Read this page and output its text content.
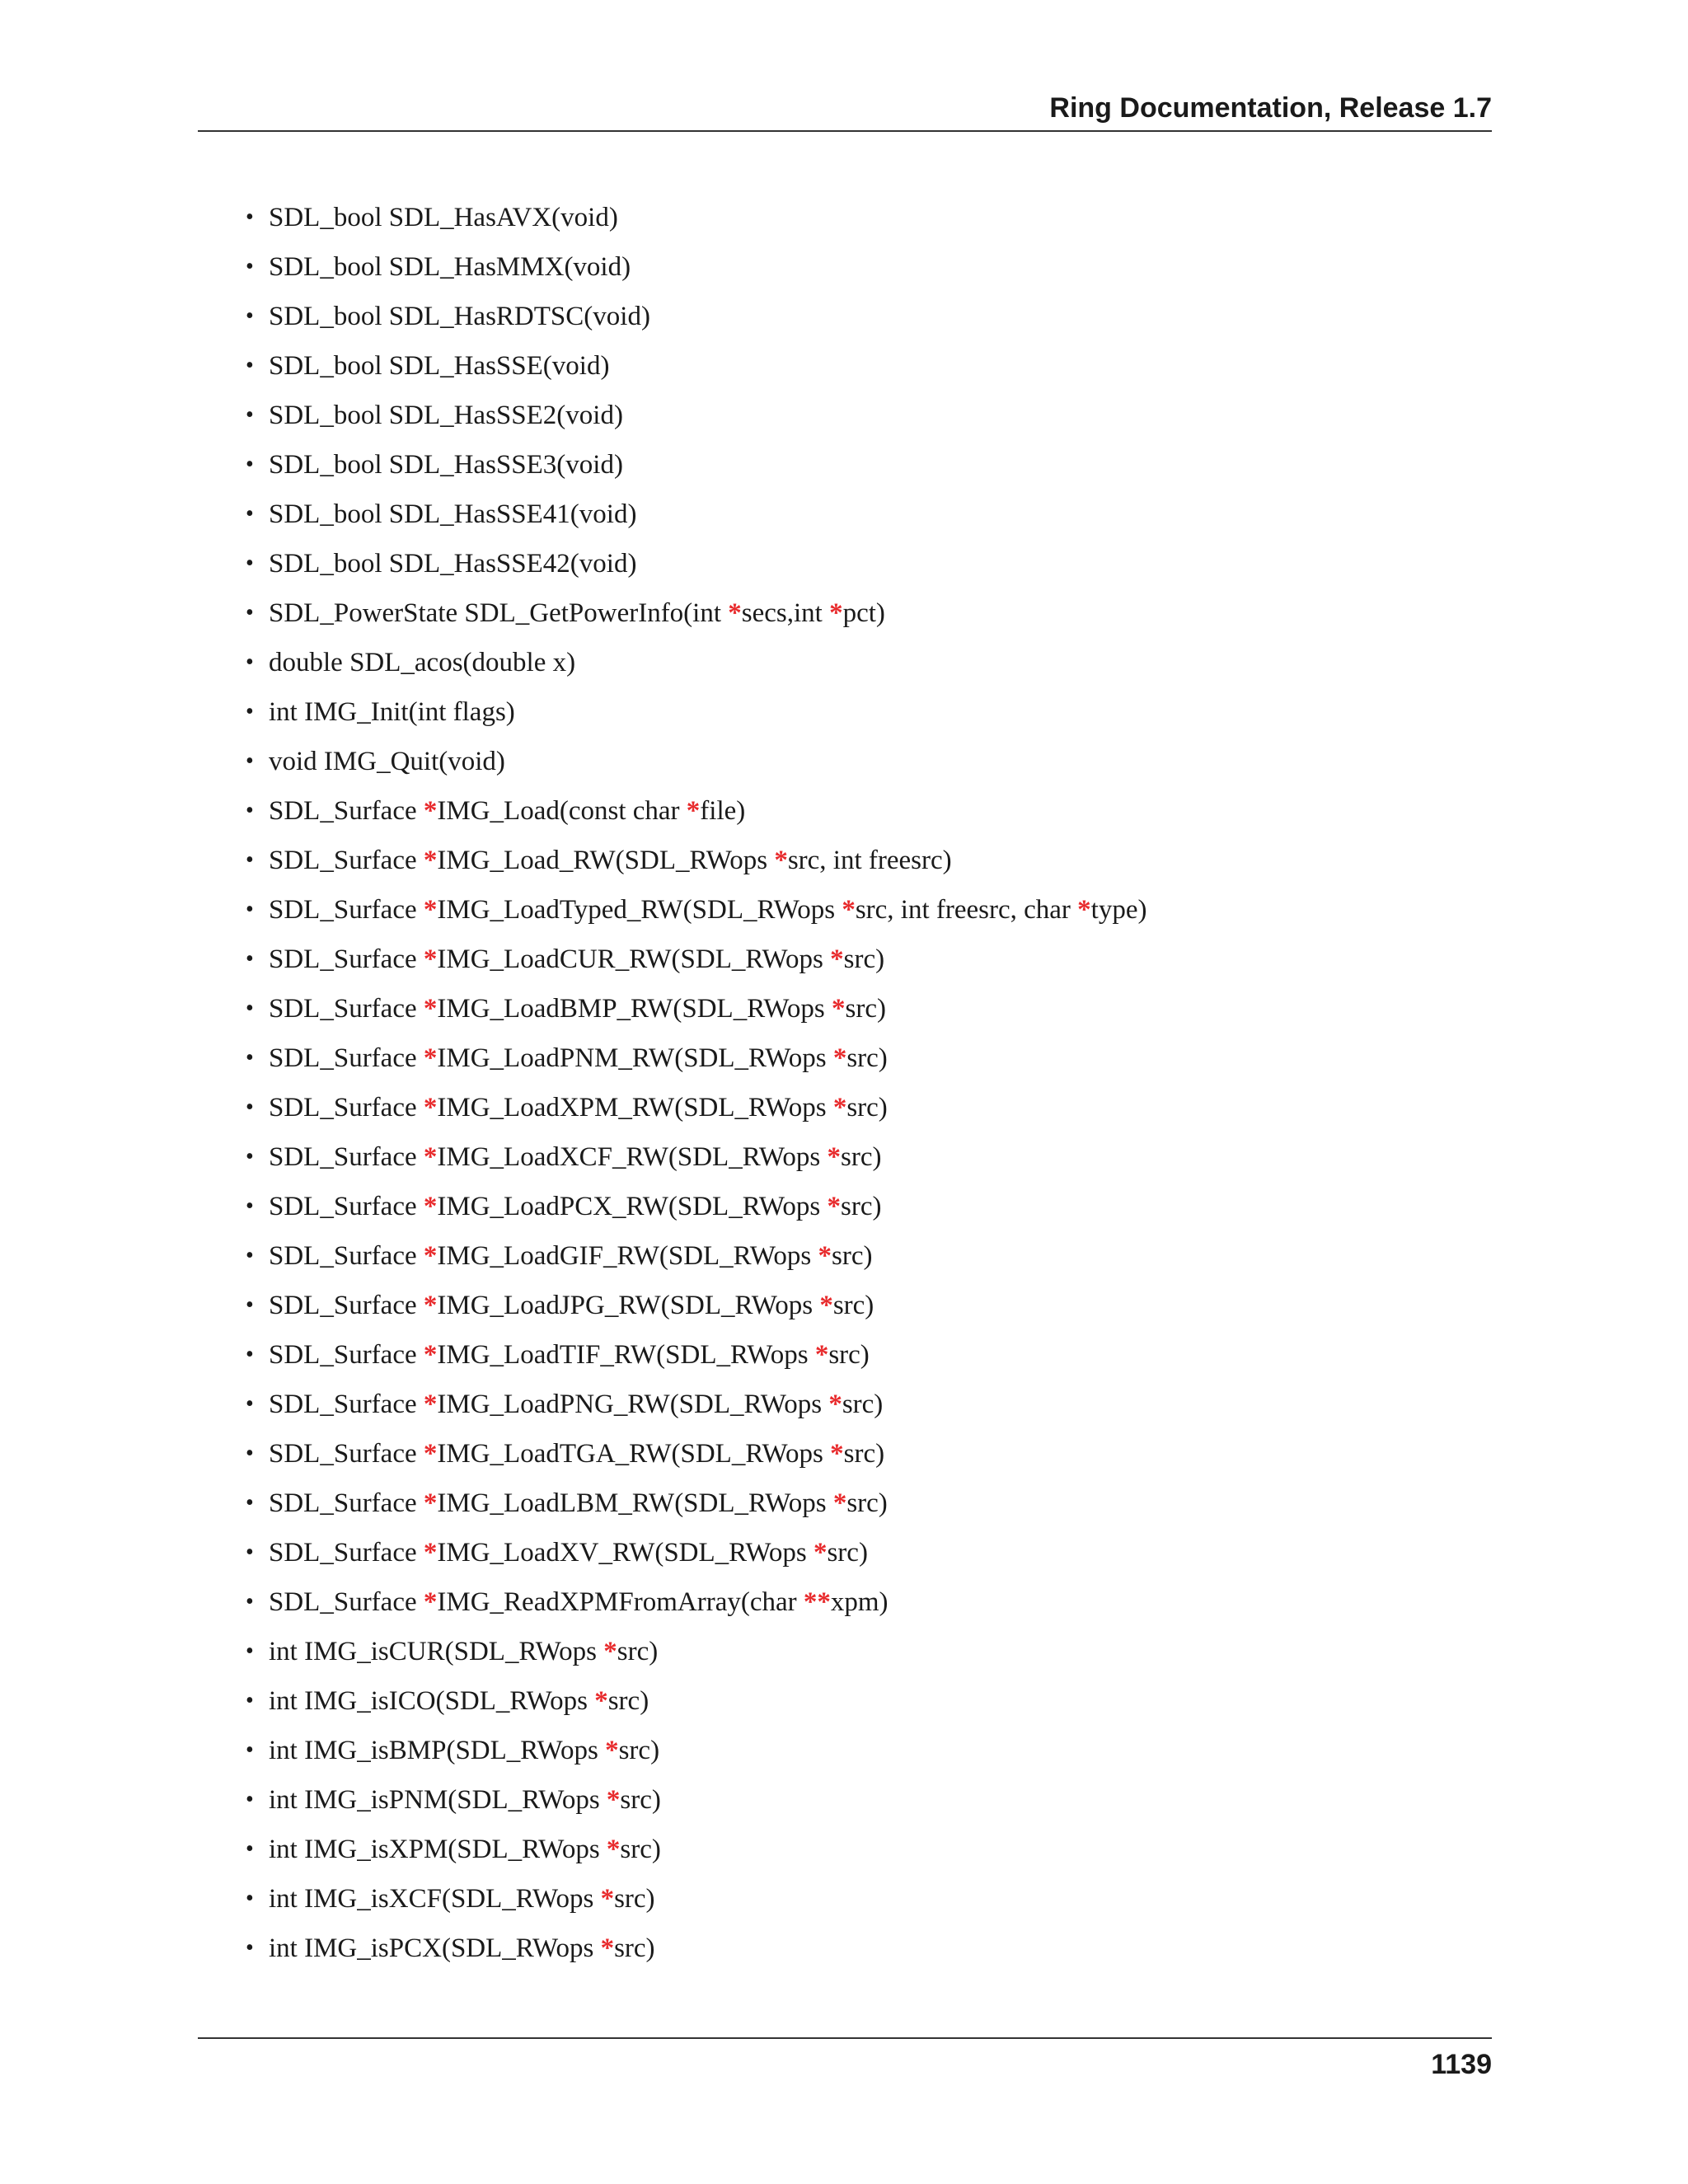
Ring Documentation, Release 1.7
• SDL_bool SDL_HasAVX(void)
• SDL_bool SDL_HasMMX(void)
• SDL_bool SDL_HasRDTSC(void)
• SDL_bool SDL_HasSSE(void)
• SDL_bool SDL_HasSSE2(void)
• SDL_bool SDL_HasSSE3(void)
• SDL_bool SDL_HasSSE41(void)
• SDL_bool SDL_HasSSE42(void)
• SDL_PowerState SDL_GetPowerInfo(int *secs,int *pct)
• double SDL_acos(double x)
• int IMG_Init(int flags)
• void IMG_Quit(void)
• SDL_Surface *IMG_Load(const char *file)
• SDL_Surface *IMG_Load_RW(SDL_RWops *src, int freesrc)
• SDL_Surface *IMG_LoadTyped_RW(SDL_RWops *src, int freesrc, char *type)
• SDL_Surface *IMG_LoadCUR_RW(SDL_RWops *src)
• SDL_Surface *IMG_LoadBMP_RW(SDL_RWops *src)
• SDL_Surface *IMG_LoadPNM_RW(SDL_RWops *src)
• SDL_Surface *IMG_LoadXPM_RW(SDL_RWops *src)
• SDL_Surface *IMG_LoadXCF_RW(SDL_RWops *src)
• SDL_Surface *IMG_LoadPCX_RW(SDL_RWops *src)
• SDL_Surface *IMG_LoadGIF_RW(SDL_RWops *src)
• SDL_Surface *IMG_LoadJPG_RW(SDL_RWops *src)
• SDL_Surface *IMG_LoadTIF_RW(SDL_RWops *src)
• SDL_Surface *IMG_LoadPNG_RW(SDL_RWops *src)
• SDL_Surface *IMG_LoadTGA_RW(SDL_RWops *src)
• SDL_Surface *IMG_LoadLBM_RW(SDL_RWops *src)
• SDL_Surface *IMG_LoadXV_RW(SDL_RWops *src)
• SDL_Surface *IMG_ReadXPMFromArray(char **xpm)
• int IMG_isCUR(SDL_RWops *src)
• int IMG_isICO(SDL_RWops *src)
• int IMG_isBMP(SDL_RWops *src)
• int IMG_isPNM(SDL_RWops *src)
• int IMG_isXPM(SDL_RWops *src)
• int IMG_isXCF(SDL_RWops *src)
• int IMG_isPCX(SDL_RWops *src)
1139
